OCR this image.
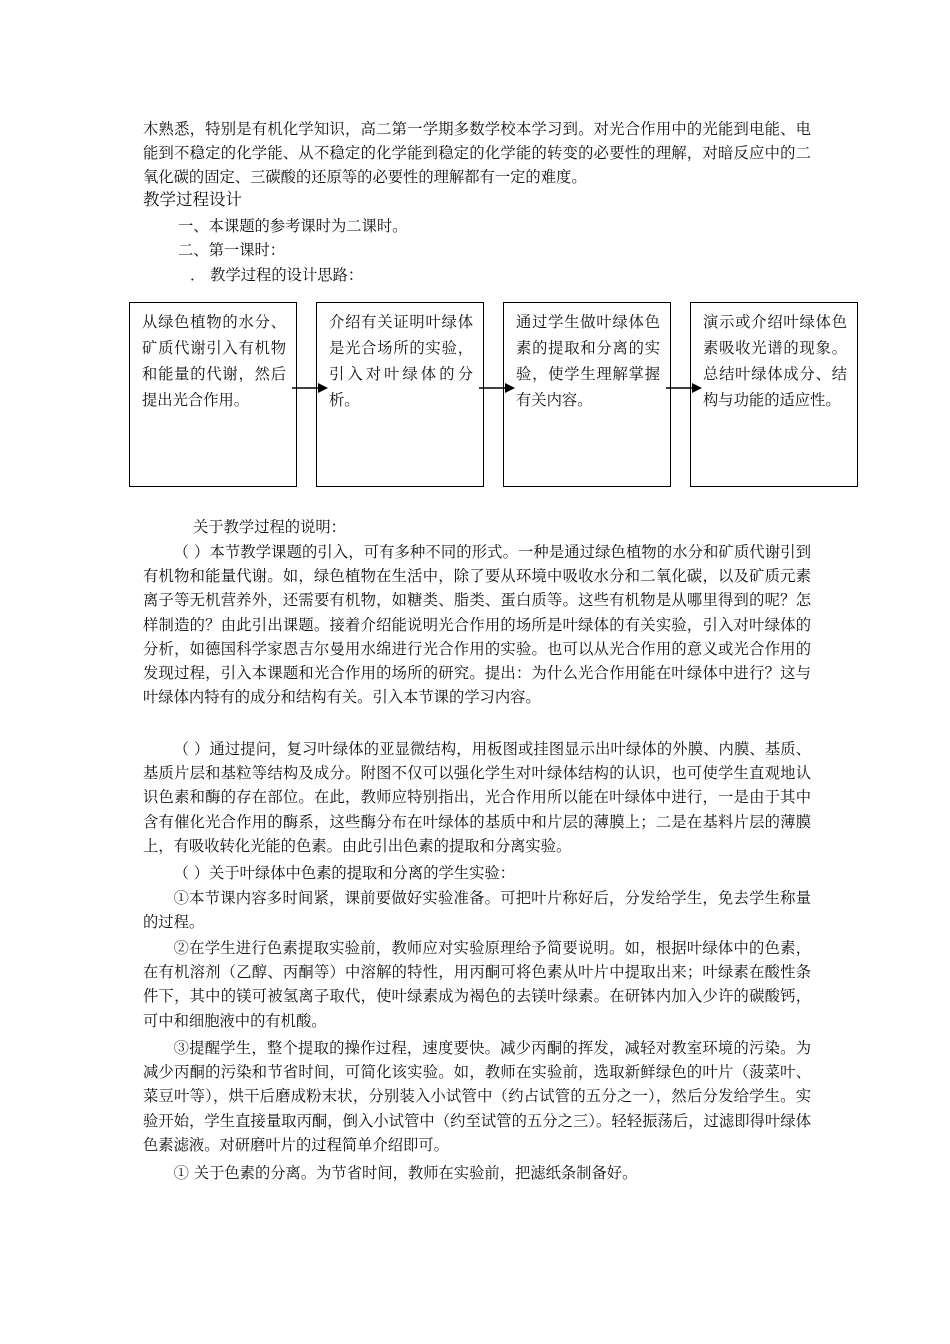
木熟悉，特别是有机化学知识，高二第一学期多数学校本学习到。对光合作用中的光能到电能、电能到不稳定的化学能、从不稳定的化学能到稳定的化学能的转变的必要性的理解，对暗反应中的二氧化碳的固定、三碳酸的还原等的必要性的理解都有一定的难度。

教学过程设计

一、本课题的参考课时为二课时。

二、第一课时：

． 教学过程的设计思路：

从绿色植物的水分、矿质代谢引入有机物和能量的代谢，然后提出光合作用。
介绍有关证明叶绿体是光合场所的实验，引入对叶绿体的分析。
通过学生做叶绿体色素的提取和分离的实验，使学生理解掌握有关内容。
演示或介绍叶绿体色素吸收光谱的现象。总结叶绿体成分、结构与功能的适应性。

关于教学过程的说明：

（ ）本节教学课题的引入，可有多种不同的形式。一种是通过绿色植物的水分和矿质代谢引到有机物和能量代谢。如，绿色植物在生活中，除了要从环境中吸收水分和二氧化碳，以及矿质元素离子等无机营养外，还需要有机物，如糖类、脂类、蛋白质等。这些有机物是从哪里得到的呢？怎样制造的？由此引出课题。接着介绍能说明光合作用的场所是叶绿体的有关实验，引入对叶绿体的分析，如德国科学家恩吉尔曼用水绵进行光合作用的实验。也可以从光合作用的意义或光合作用的发现过程，引入本课题和光合作用的场所的研究。提出：为什么光合作用能在叶绿体中进行？这与叶绿体内特有的成分和结构有关。引入本节课的学习内容。

（ ）通过提问，复习叶绿体的亚显微结构，用板图或挂图显示出叶绿体的外膜、内膜、基质、基质片层和基粒等结构及成分。附图不仅可以强化学生对叶绿体结构的认识，也可使学生直观地认识色素和酶的存在部位。在此，教师应特别指出，光合作用所以能在叶绿体中进行，一是由于其中含有催化光合作用的酶系，这些酶分布在叶绿体的基质中和片层的薄膜上；二是在基料片层的薄膜上，有吸收转化光能的色素。由此引出色素的提取和分离实验。

（ ）关于叶绿体中色素的提取和分离的学生实验：

①本节课内容多时间紧，课前要做好实验准备。可把叶片称好后，分发给学生，免去学生称量的过程。

②在学生进行色素提取实验前，教师应对实验原理给予简要说明。如，根据叶绿体中的色素，在有机溶剂（乙醇、丙酮等）中溶解的特性，用丙酮可将色素从叶片中提取出来；叶绿素在酸性条件下，其中的镁可被氢离子取代，使叶绿素成为褐色的去镁叶绿素。在研钵内加入少许的碳酸钙，可中和细胞液中的有机酸。

③提醒学生，整个提取的操作过程，速度要快。减少丙酮的挥发，减轻对教室环境的污染。为减少丙酮的污染和节省时间，可简化该实验。如，教师在实验前，选取新鲜绿色的叶片（菠菜叶、菜豆叶等），烘干后磨成粉末状，分别装入小试管中（约占试管的五分之一），然后分发给学生。实验开始，学生直接量取丙酮，倒入小试管中（约至试管的五分之三）。轻轻振荡后，过滤即得叶绿体色素滤液。对研磨叶片的过程简单介绍即可。

① 关于色素的分离。为节省时间，教师在实验前，把滤纸条制备好。
